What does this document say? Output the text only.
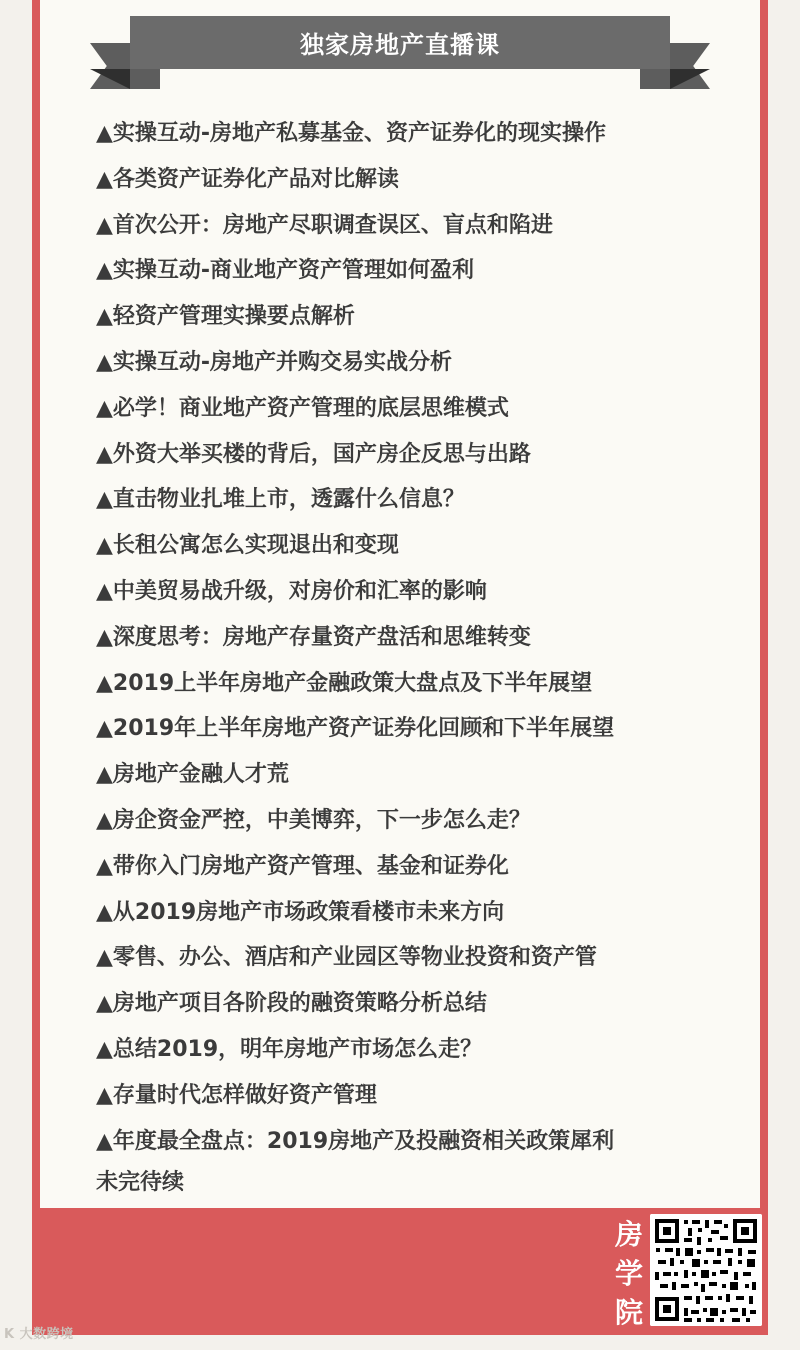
独家房地产直播课
▲实操互动-房地产私募基金、资产证券化的现实操作
▲各类资产证券化产品对比解读
▲首次公开：房地产尽职调查误区、盲点和陷进
▲实操互动-商业地产资产管理如何盈利
▲轻资产管理实操要点解析
▲实操互动-房地产并购交易实战分析
▲必学！商业地产资产管理的底层思维模式
▲外资大举买楼的背后，国产房企反思与出路
▲直击物业扎堆上市，透露什么信息？
▲长租公寓怎么实现退出和变现
▲中美贸易战升级，对房价和汇率的影响
▲深度思考：房地产存量资产盘活和思维转变
▲2019上半年房地产金融政策大盘点及下半年展望
▲2019年上半年房地产资产证券化回顾和下半年展望
▲房地产金融人才荒
▲房企资金严控，中美博弈，下一步怎么走？
▲带你入门房地产资产管理、基金和证券化
▲从2019房地产市场政策看楼市未来方向
▲零售、办公、酒店和产业园区等物业投资和资产管
▲房地产项目各阶段的融资策略分析总结
▲总结2019，明年房地产市场怎么走？
▲存量时代怎样做好资产管理
▲年度最全盘点：2019房地产及投融资相关政策犀利
未完待续
房
学
院
K 大数跨境
